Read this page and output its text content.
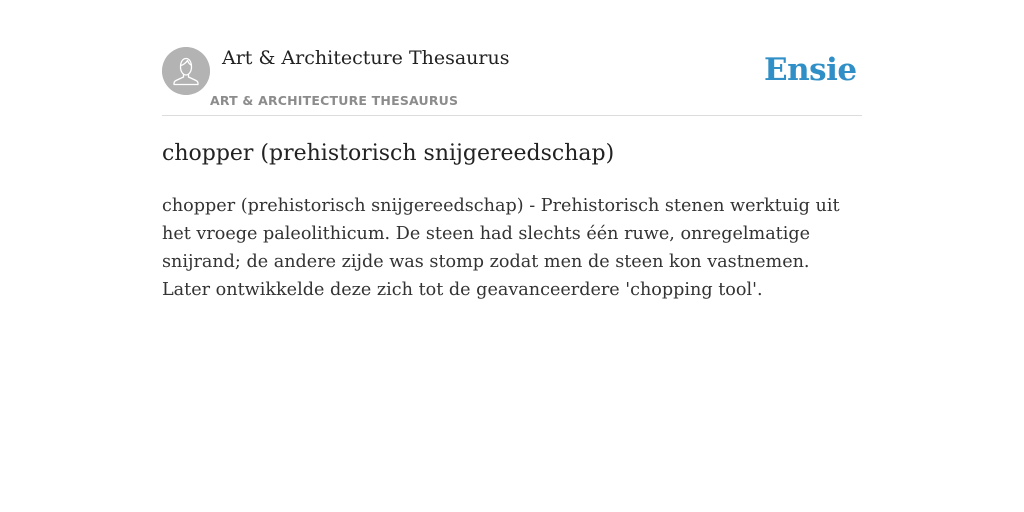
Art & Architecture Thesaurus
ART & ARCHITECTURE THESAURUS
Ensie
chopper (prehistorisch snijgereedschap)

chopper (prehistorisch snijgereedschap) - Prehistorisch stenen werktuig uit het vroege paleolithicum. De steen had slechts één ruwe, onregelmatige snijrand; de andere zijde was stomp zodat men de steen kon vastnemen. Later ontwikkelde deze zich tot de geavanceerdere 'chopping tool'.
